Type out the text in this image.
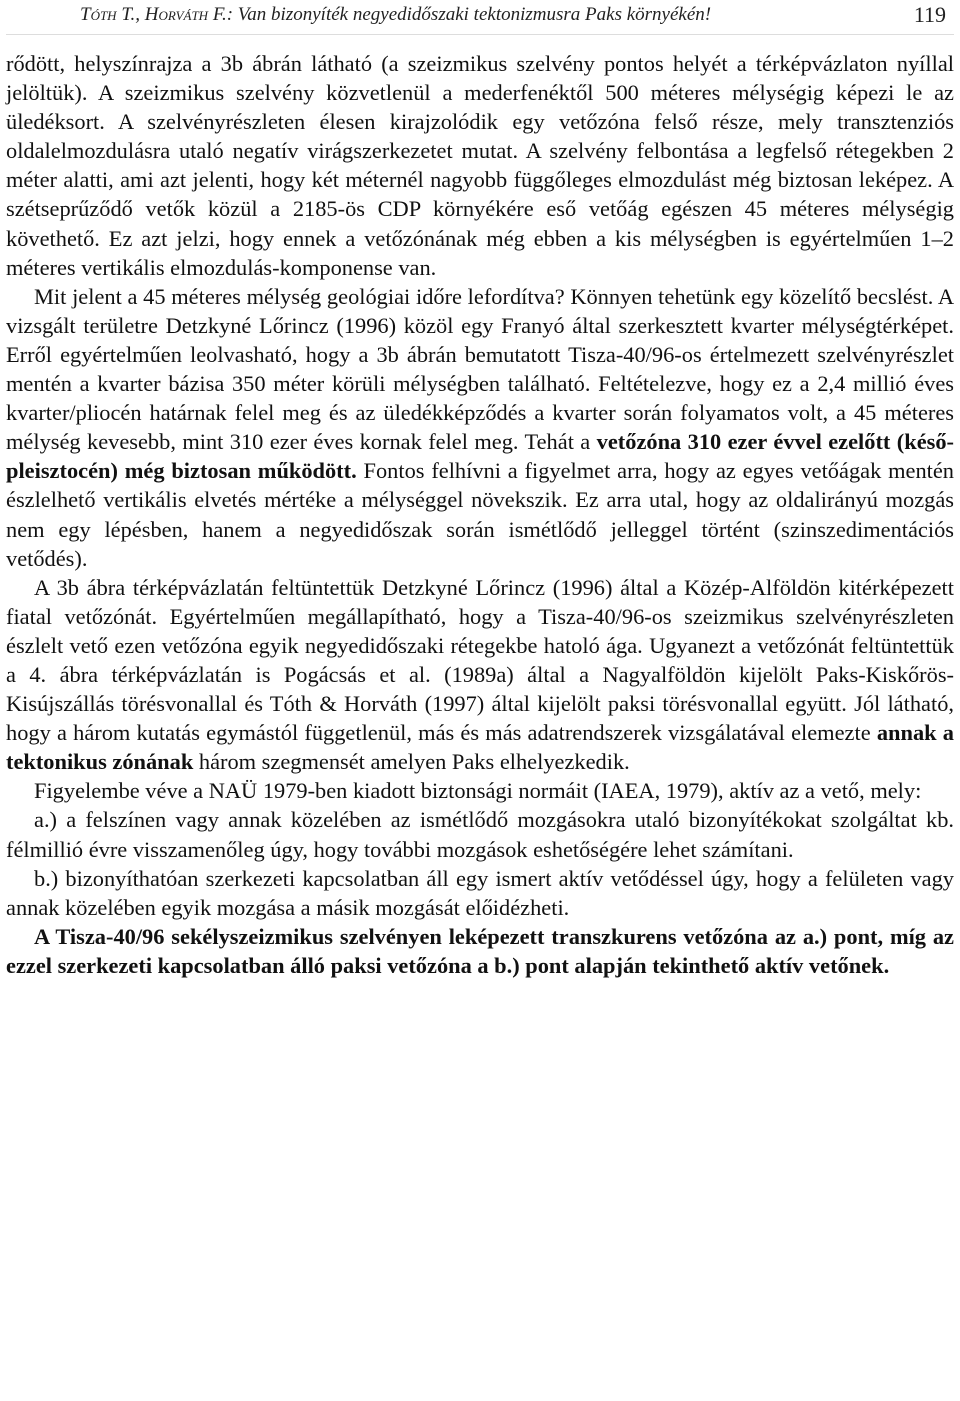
Tóth T., Horváth F.: Van bizonyíték negyedidőszaki tektonizmusra Paks környékén!	119

rődött, helyszínrajza a 3b ábrán látható (a szeizmikus szelvény pontos helyét a térképvázlaton nyíllal jelöltük). A szeizmikus szelvény közvetlenül a mederfenéktől 500 méteres mélységig képezi le az üledéksort. A szelvényrészleten élesen kirajzolódik egy vetőzóna felső része, mely transztenziós oldalelmozdulásra utaló negatív virágszerkezetet mutat. A szelvény felbontása a legfelső rétegekben 2 méter alatti, ami azt jelenti, hogy két méternél nagyobb függőleges elmozdulást még biztosan leképez. A szétseprűződő vetők közül a 2185-ös CDP környékére eső vetőág egészen 45 méteres mélységig követhető. Ez azt jelzi, hogy ennek a vetőzónának még ebben a kis mélységben is egyértelműen 1–2 méteres vertikális elmozdulás-komponense van.

Mit jelent a 45 méteres mélység geológiai időre lefordítva? Könnyen tehetünk egy közelítő becslést. A vizsgált területre Detzkyné Lőrincz (1996) közöl egy Franyó által szerkesztett kvarter mélységtérképet. Erről egyértelműen leolvasható, hogy a 3b ábrán bemutatott Tisza-40/96-os értelmezett szelvényrészlet mentén a kvarter bázisa 350 méter körüli mélységben található. Feltételezve, hogy ez a 2,4 millió éves kvarter/pliocén határnak felel meg és az üledékképződés a kvarter során folyamatos volt, a 45 méteres mélység kevesebb, mint 310 ezer éves kornak felel meg. Tehát a vetőzóna 310 ezer évvel ezelőtt (késő-pleisztocén) még biztosan működött. Fontos felhívni a figyelmet arra, hogy az egyes vetőágak mentén észlelhető vertikális elvetés mértéke a mélységgel növekszik. Ez arra utal, hogy az oldalirányú mozgás nem egy lépésben, hanem a negyedidőszak során ismétlődő jelleggel történt (szinszedimentációs vetődés).

A 3b ábra térképvázlatán feltüntettük Detzkyné Lőrincz (1996) által a Közép-Alföldön kitérképezett fiatal vetőzónát. Egyértelműen megállapítható, hogy a Tisza-40/96-os szeizmikus szelvényrészleten észlelt vető ezen vetőzóna egyik negyedidőszaki rétegekbe hatoló ága. Ugyanezt a vetőzónát feltüntettük a 4. ábra térképvázlatán is Pogácsás et al. (1989a) által a Nagyalföldön kijelölt Paks-Kiskőrös-Kisújszállás törésvonallal és Tóth & Horváth (1997) által kijelölt paksi törésvonallal együtt. Jól látható, hogy a három kutatás egymástól függetlenül, más és más adatrendszerek vizsgálatával elemezte annak a tektonikus zónának három szegmensét amelyen Paks elhelyezkedik.

Figyelembe véve a NAÜ 1979-ben kiadott biztonsági normáit (IAEA, 1979), aktív az a vető, mely:

a.) a felszínen vagy annak közelében az ismétlődő mozgásokra utaló bizonyítékokat szolgáltat kb. félmillió évre visszamenőleg úgy, hogy további mozgások eshetőségére lehet számítani.

b.) bizonyíthatóan szerkezeti kapcsolatban áll egy ismert aktív vetődéssel úgy, hogy a felületen vagy annak közelében egyik mozgása a másik mozgását előidézheti.

A Tisza-40/96 sekélyszeizmikus szelvényen leképezett transzkurens vetőzóna az a.) pont, míg az ezzel szerkezeti kapcsolatban álló paksi vetőzóna a b.) pont alapján tekinthető aktív vetőnek.
